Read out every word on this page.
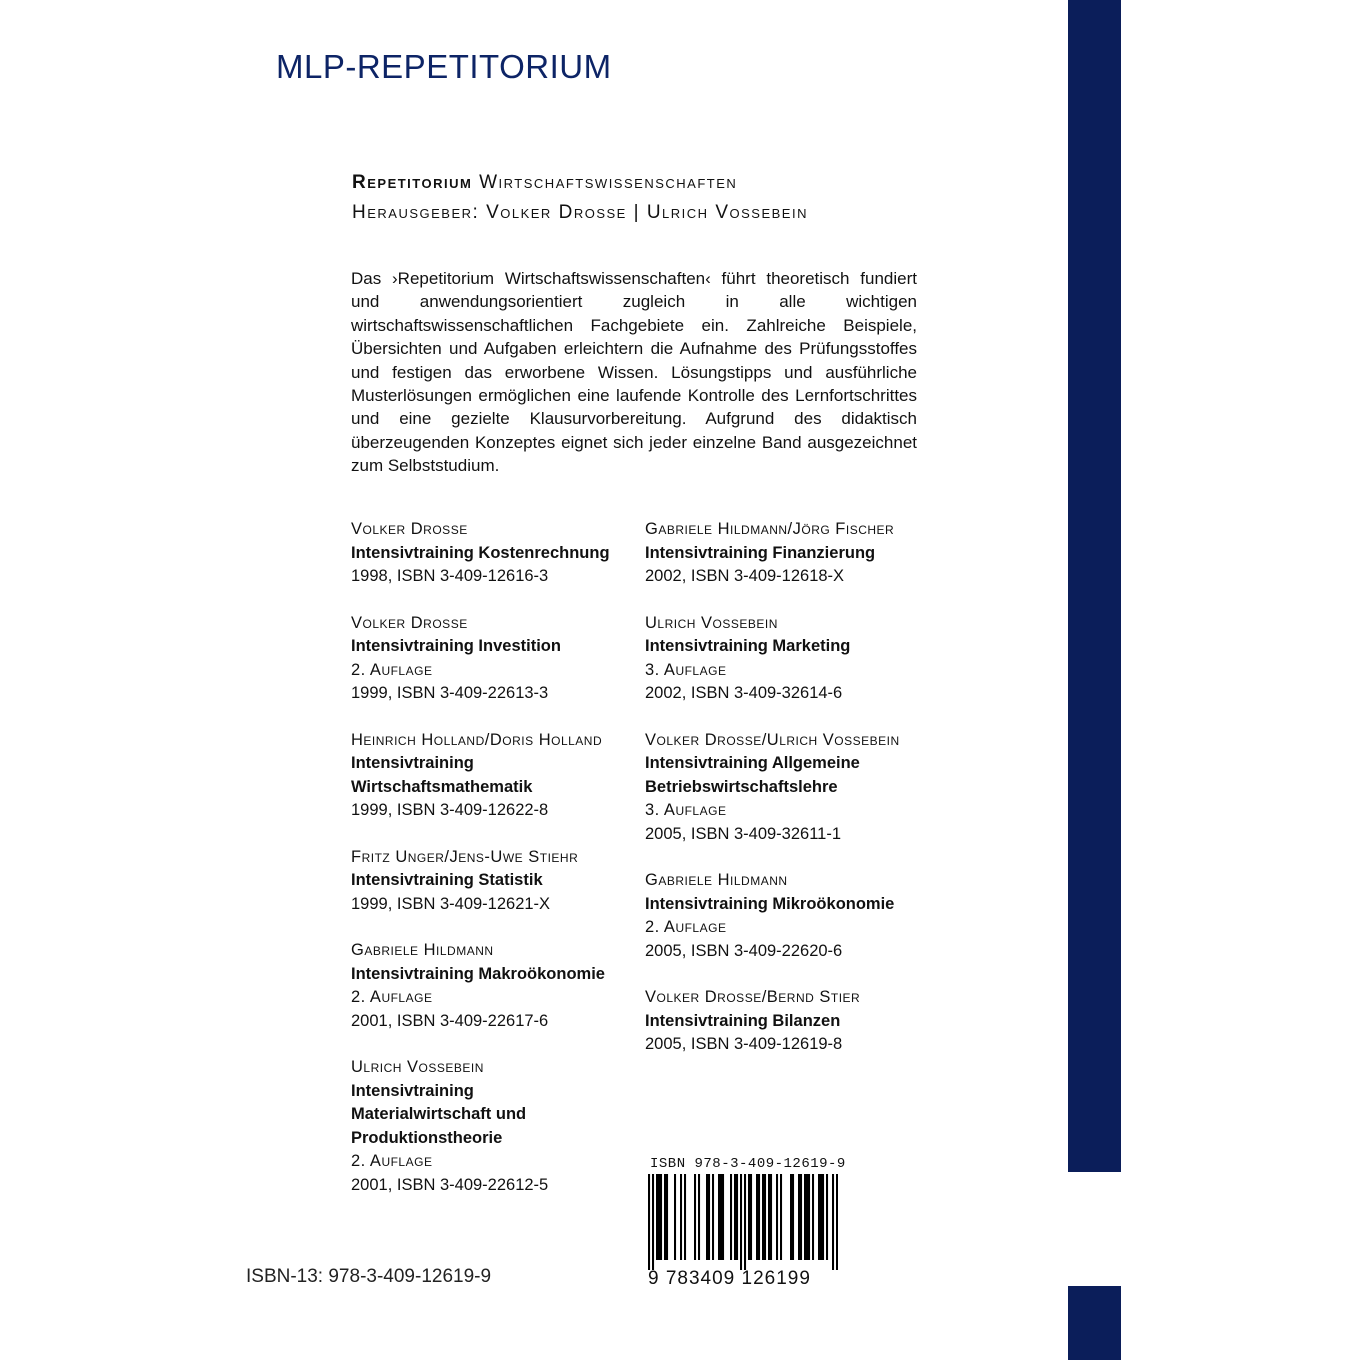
MLP-REPETITORIUM
Repetitorium Wirtschaftswissenschaften
Herausgeber: Volker Drosse | Ulrich Vossebein
Das ›Repetitorium Wirtschaftswissenschaften‹ führt theoretisch fundiert und anwendungsorientiert zugleich in alle wichtigen wirtschaftswissenschaftlichen Fachgebiete ein. Zahlreiche Beispiele, Übersichten und Aufgaben erleichtern die Aufnahme des Prüfungsstoffes und festigen das erworbene Wissen. Lösungstipps und ausführliche Musterlösungen ermöglichen eine laufende Kontrolle des Lernfortschrittes und eine gezielte Klausurvorbereitung. Aufgrund des didaktisch überzeugenden Konzeptes eignet sich jeder einzelne Band ausgezeichnet zum Selbststudium.
Volker Drosse
Intensivtraining Kostenrechnung
1998, ISBN 3-409-12616-3
Volker Drosse
Intensivtraining Investition
2. Auflage
1999, ISBN 3-409-22613-3
Heinrich Holland/Doris Holland
Intensivtraining
Wirtschaftsmathematik
1999, ISBN 3-409-12622-8
Fritz Unger/Jens-Uwe Stiehr
Intensivtraining Statistik
1999, ISBN 3-409-12621-X
Gabriele Hildmann
Intensivtraining Makroökonomie
2. Auflage
2001, ISBN 3-409-22617-6
Ulrich Vossebein
Intensivtraining
Materialwirtschaft und
Produktionstheorie
2. Auflage
2001, ISBN 3-409-22612-5
Gabriele Hildmann/Jörg Fischer
Intensivtraining Finanzierung
2002, ISBN 3-409-12618-X
Ulrich Vossebein
Intensivtraining Marketing
3. Auflage
2002, ISBN 3-409-32614-6
Volker Drosse/Ulrich Vossebein
Intensivtraining Allgemeine
Betriebswirtschaftslehre
3. Auflage
2005, ISBN 3-409-32611-1
Gabriele Hildmann
Intensivtraining Mikroökonomie
2. Auflage
2005, ISBN 3-409-22620-6
Volker Drosse/Bernd Stier
Intensivtraining Bilanzen
2005, ISBN 3-409-12619-8
ISBN 978-3-409-12619-9
9 783409 126199
ISBN-13: 978-3-409-12619-9
